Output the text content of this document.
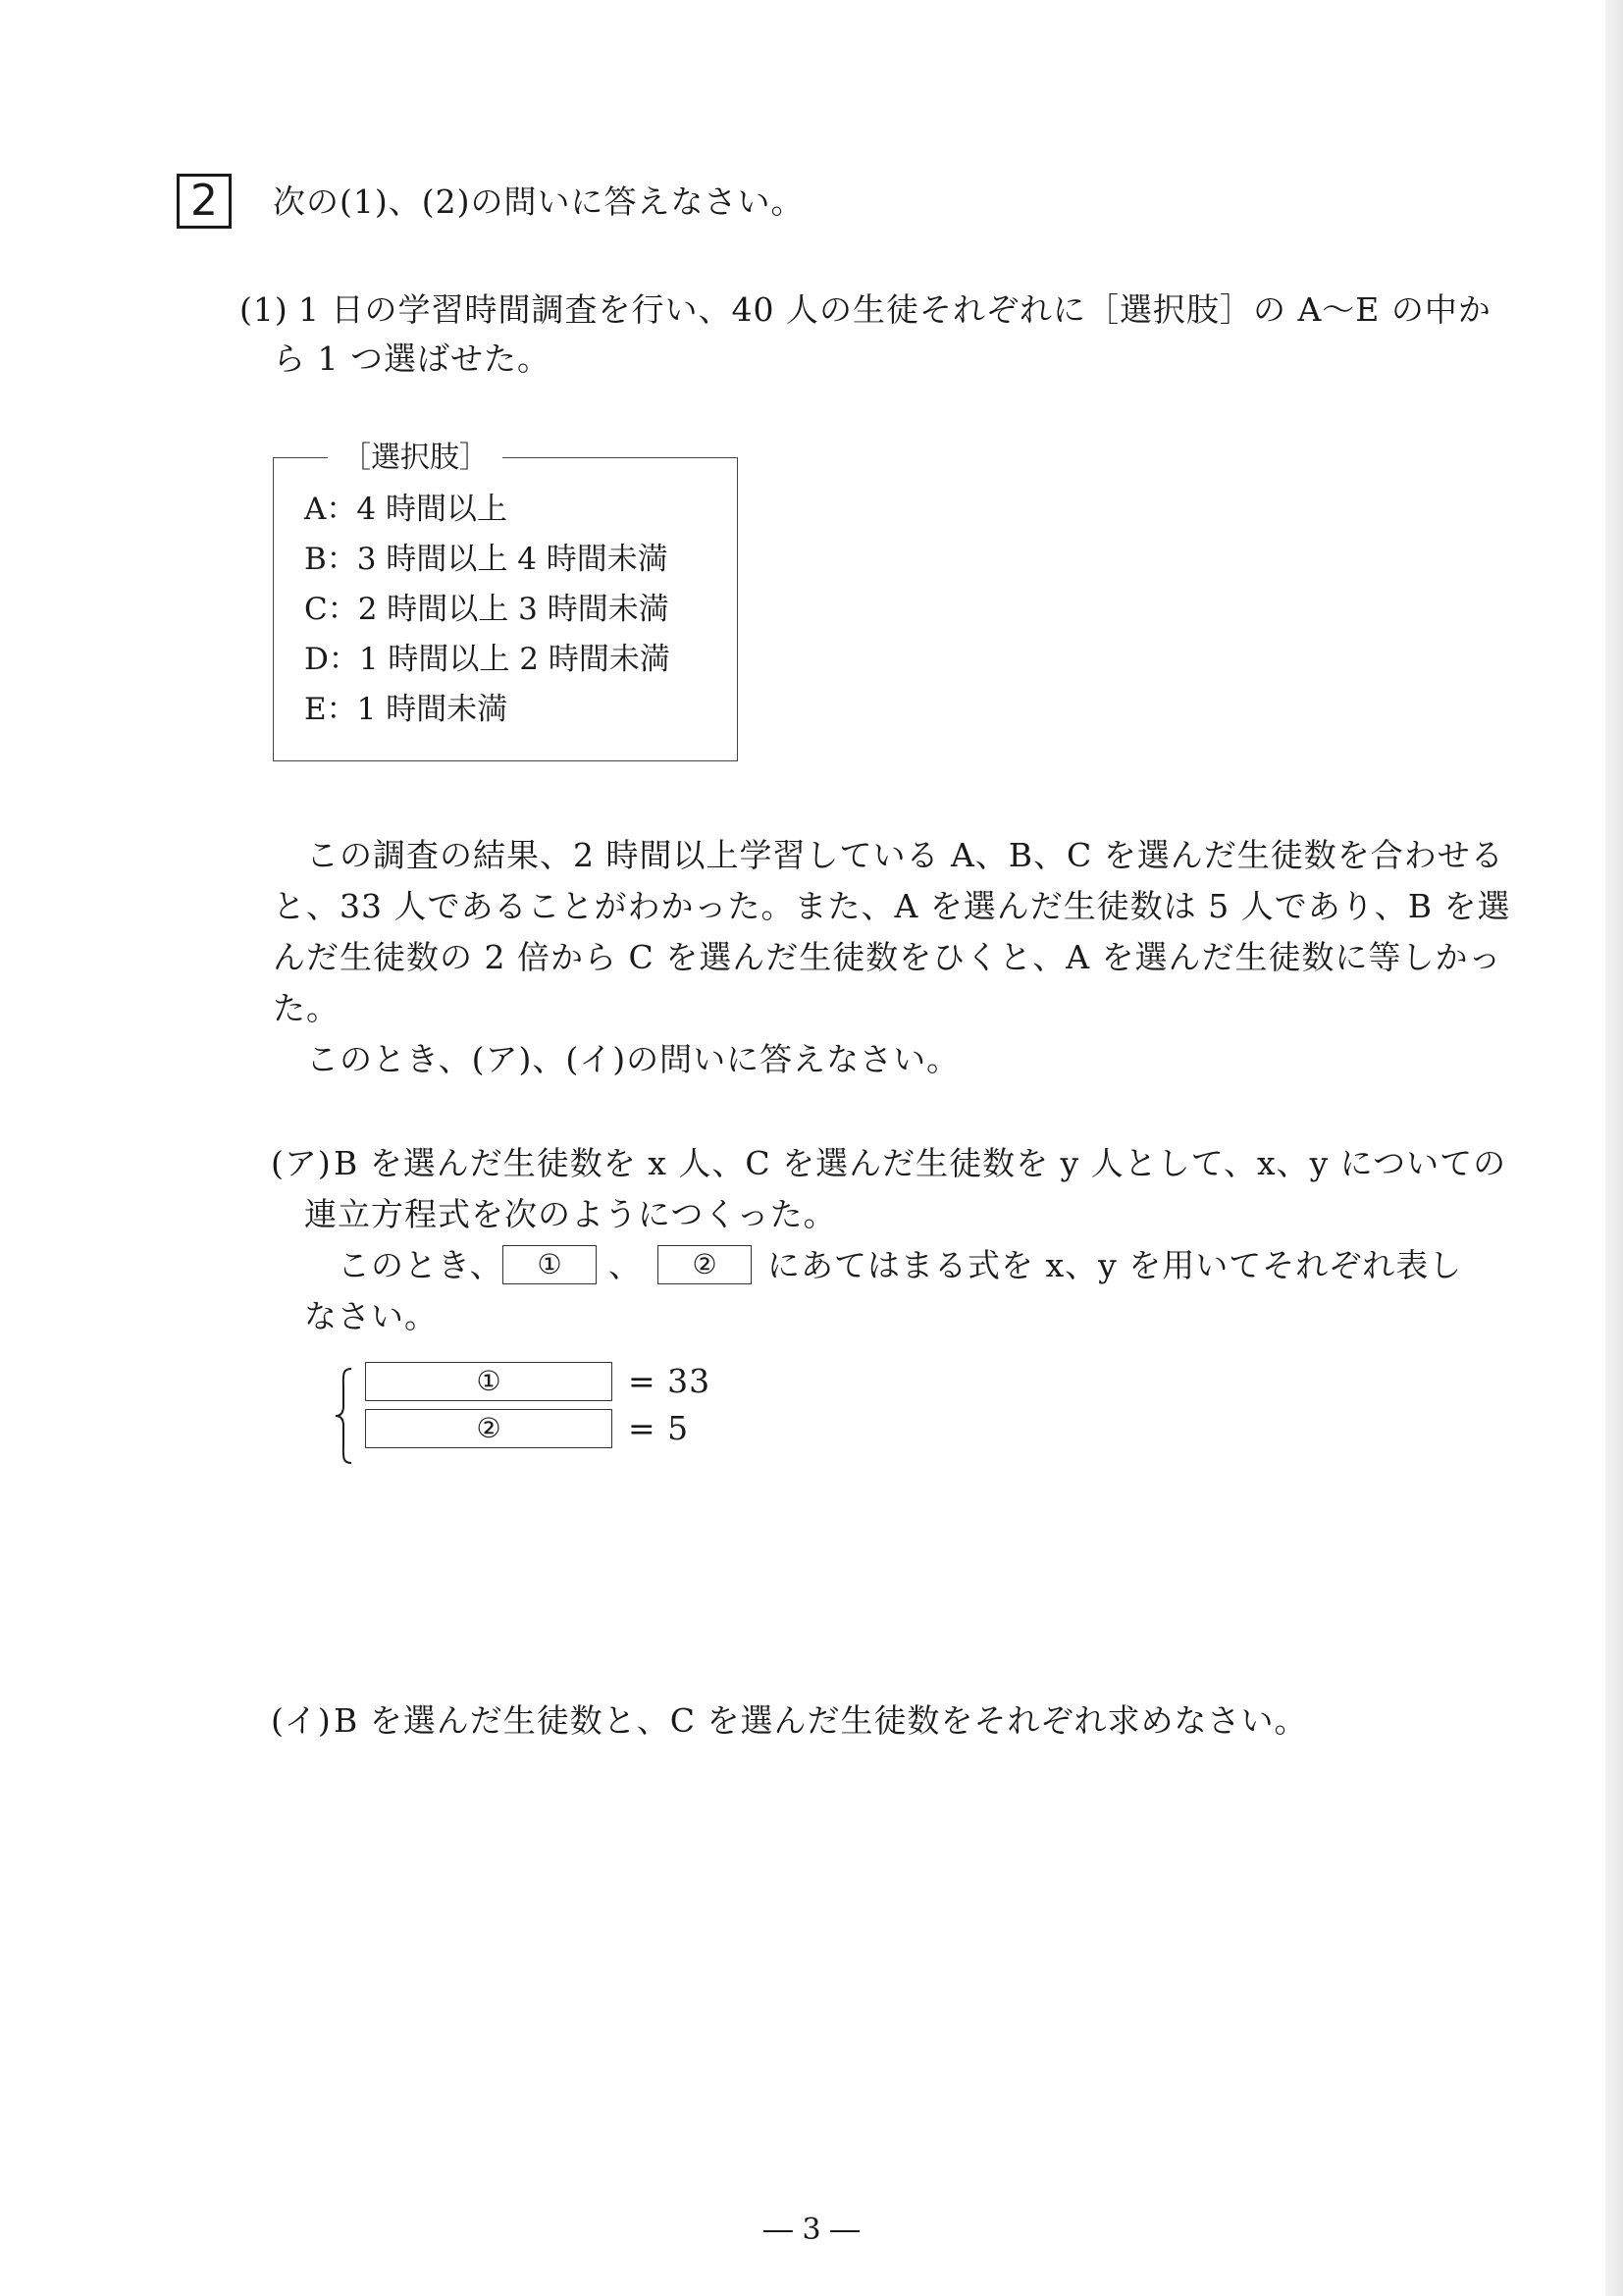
2	次の(1)、(2)の問いに答えなさい。
(1) 1 日の学習時間調査を行い、40 人の生徒それぞれに［選択肢］の A～E の中か
ら 1 つ選ばせた。
［選択肢］
A：4 時間以上
B：3 時間以上 4 時間未満
C：2 時間以上 3 時間未満
D：1 時間以上 2 時間未満
E：1 時間未満
この調査の結果、2 時間以上学習している A、B、C を選んだ生徒数を合わせる
と、33 人であることがわかった。また、A を選んだ生徒数は 5 人であり、B を選
んだ生徒数の 2 倍から C を選んだ生徒数をひくと、A を選んだ生徒数に等しかっ
た。
このとき、(ア)、(イ)の問いに答えなさい。
(ア) B を選んだ生徒数を x 人、C を選んだ生徒数を y 人として、x、y についての
連立方程式を次のようにつくった。
このとき、	①	、	②	にあてはまる式を x、y を用いてそれぞれ表し
なさい。
①	= 33
②	= 5
(イ) B を選んだ生徒数と、C を選んだ生徒数をそれぞれ求めなさい。
― 3 ―
